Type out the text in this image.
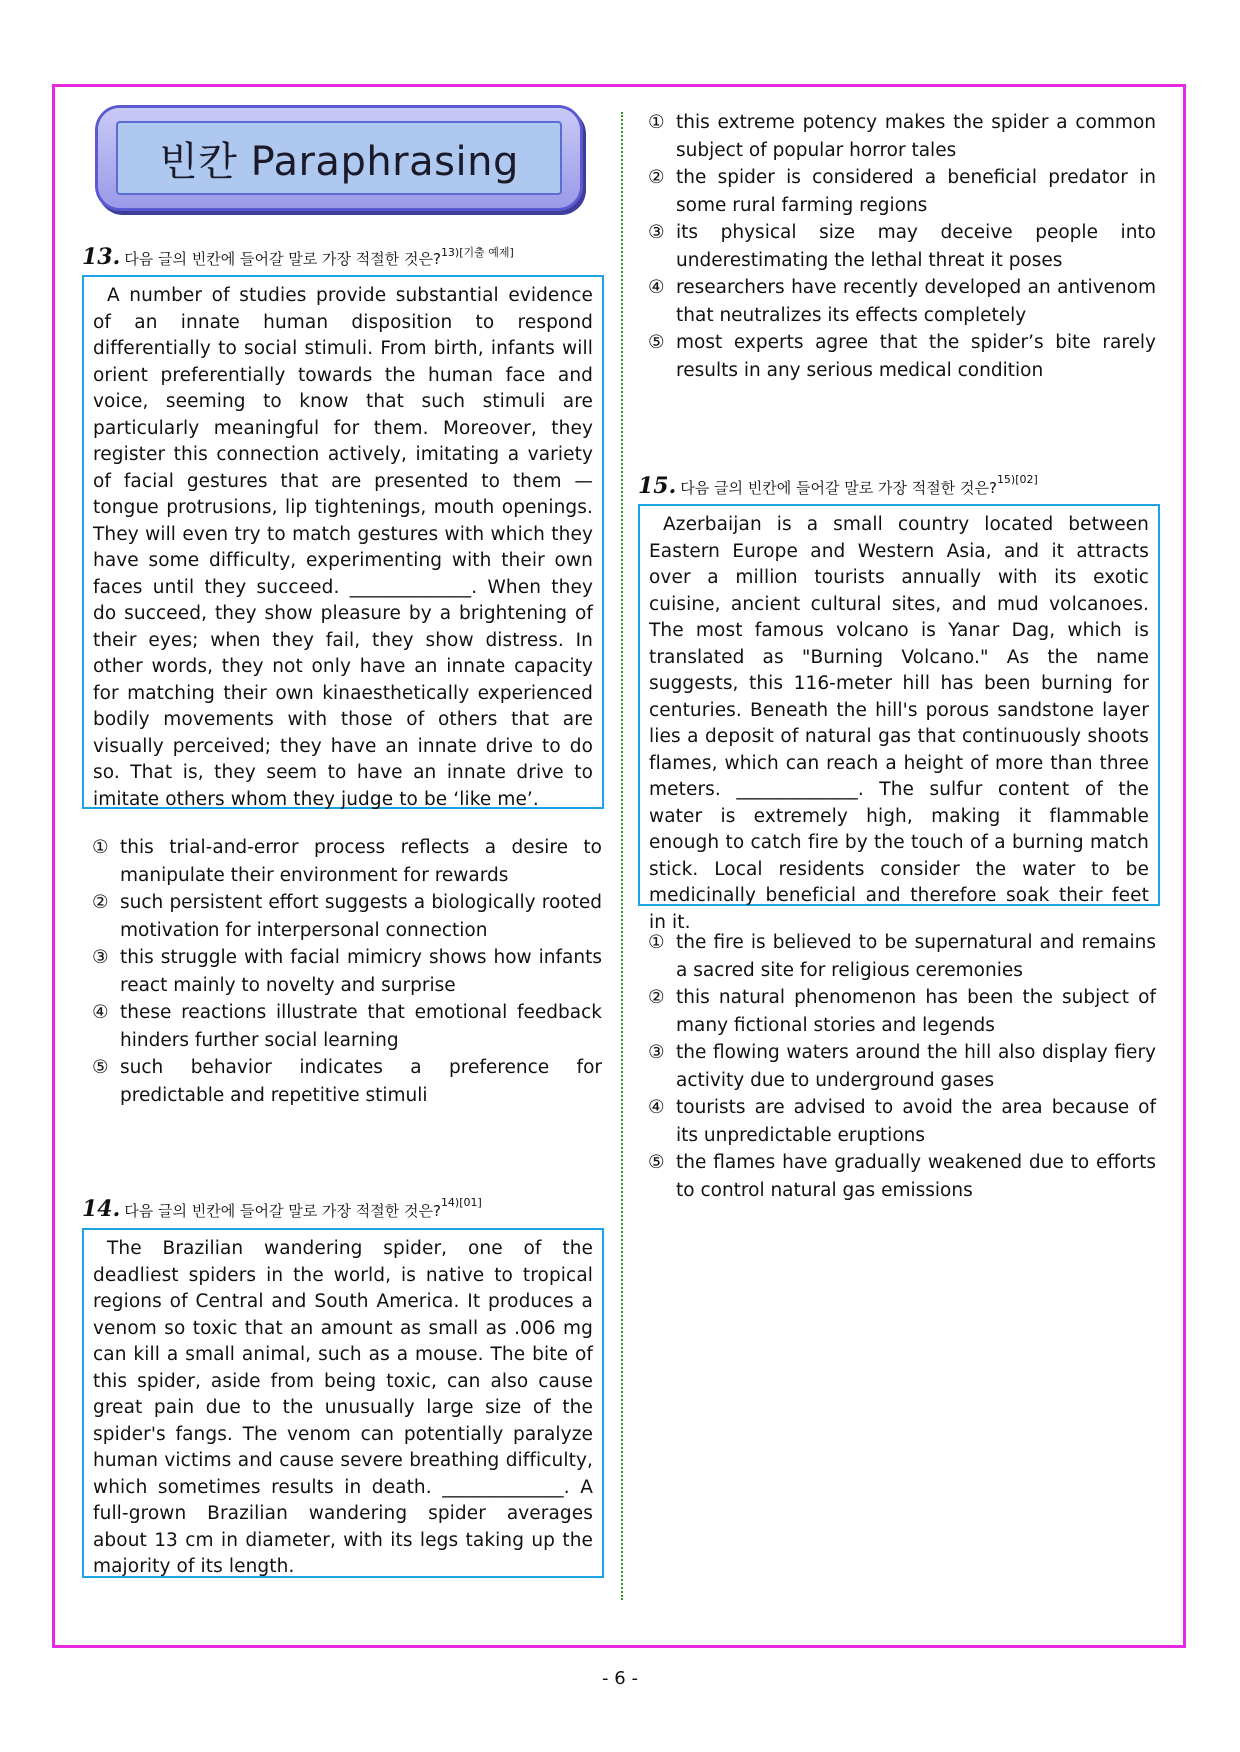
빈칸 Paraphrasing
13. 다음 글의 빈칸에 들어갈 말로 가장 적절한 것은?$^{13)[기출 예제]}$
A number of studies provide substantial evidence of an innate human disposition to respond differentially to social stimuli. From birth, infants will orient preferentially towards the human face and voice, seeming to know that such stimuli are particularly meaningful for them. Moreover, they register this connection actively, imitating a variety of facial gestures that are presented to them — tongue protrusions, lip tightenings, mouth openings. They will even try to match gestures with which they have some difficulty, experimenting with their own faces until they succeed. _____________. When they do succeed, they show pleasure by a brightening of their eyes; when they fail, they show distress. In other words, they not only have an innate capacity for matching their own kinaesthetically experienced bodily movements with those of others that are visually perceived; they have an innate drive to do so. That is, they seem to have an innate drive to imitate others whom they judge to be ‘like me’.
① this trial-and-error process reflects a desire to manipulate their environment for rewards
② such persistent effort suggests a biologically rooted motivation for interpersonal connection
③ this struggle with facial mimicry shows how infants react mainly to novelty and surprise
④ these reactions illustrate that emotional feedback hinders further social learning
⑤ such behavior indicates a preference for predictable and repetitive stimuli
14. 다음 글의 빈칸에 들어갈 말로 가장 적절한 것은?$^{14)[01]}$
The Brazilian wandering spider, one of the deadliest spiders in the world, is native to tropical regions of Central and South America. It produces a venom so toxic that an amount as small as .006 mg can kill a small animal, such as a mouse. The bite of this spider, aside from being toxic, can also cause great pain due to the unusually large size of the spider's fangs. The venom can potentially paralyze human victims and cause severe breathing difficulty, which sometimes results in death. _____________. A full-grown Brazilian wandering spider averages about 13 cm in diameter, with its legs taking up the majority of its length.
① this extreme potency makes the spider a common subject of popular horror tales
② the spider is considered a beneficial predator in some rural farming regions
③ its physical size may deceive people into underestimating the lethal threat it poses
④ researchers have recently developed an antivenom that neutralizes its effects completely
⑤ most experts agree that the spider’s bite rarely results in any serious medical condition
15. 다음 글의 빈칸에 들어갈 말로 가장 적절한 것은?$^{15)[02]}$
Azerbaijan is a small country located between Eastern Europe and Western Asia, and it attracts over a million tourists annually with its exotic cuisine, ancient cultural sites, and mud volcanoes. The most famous volcano is Yanar Dag, which is translated as "Burning Volcano." As the name suggests, this 116-meter hill has been burning for centuries. Beneath the hill's porous sandstone layer lies a deposit of natural gas that continuously shoots flames, which can reach a height of more than three meters. _____________. The sulfur content of the water is extremely high, making it flammable enough to catch fire by the touch of a burning match stick. Local residents consider the water to be medicinally beneficial and therefore soak their feet in it.
① the fire is believed to be supernatural and remains a sacred site for religious ceremonies
② this natural phenomenon has been the subject of many fictional stories and legends
③ the flowing waters around the hill also display fiery activity due to underground gases
④ tourists are advised to avoid the area because of its unpredictable eruptions
⑤ the flames have gradually weakened due to efforts to control natural gas emissions
- 6 -
